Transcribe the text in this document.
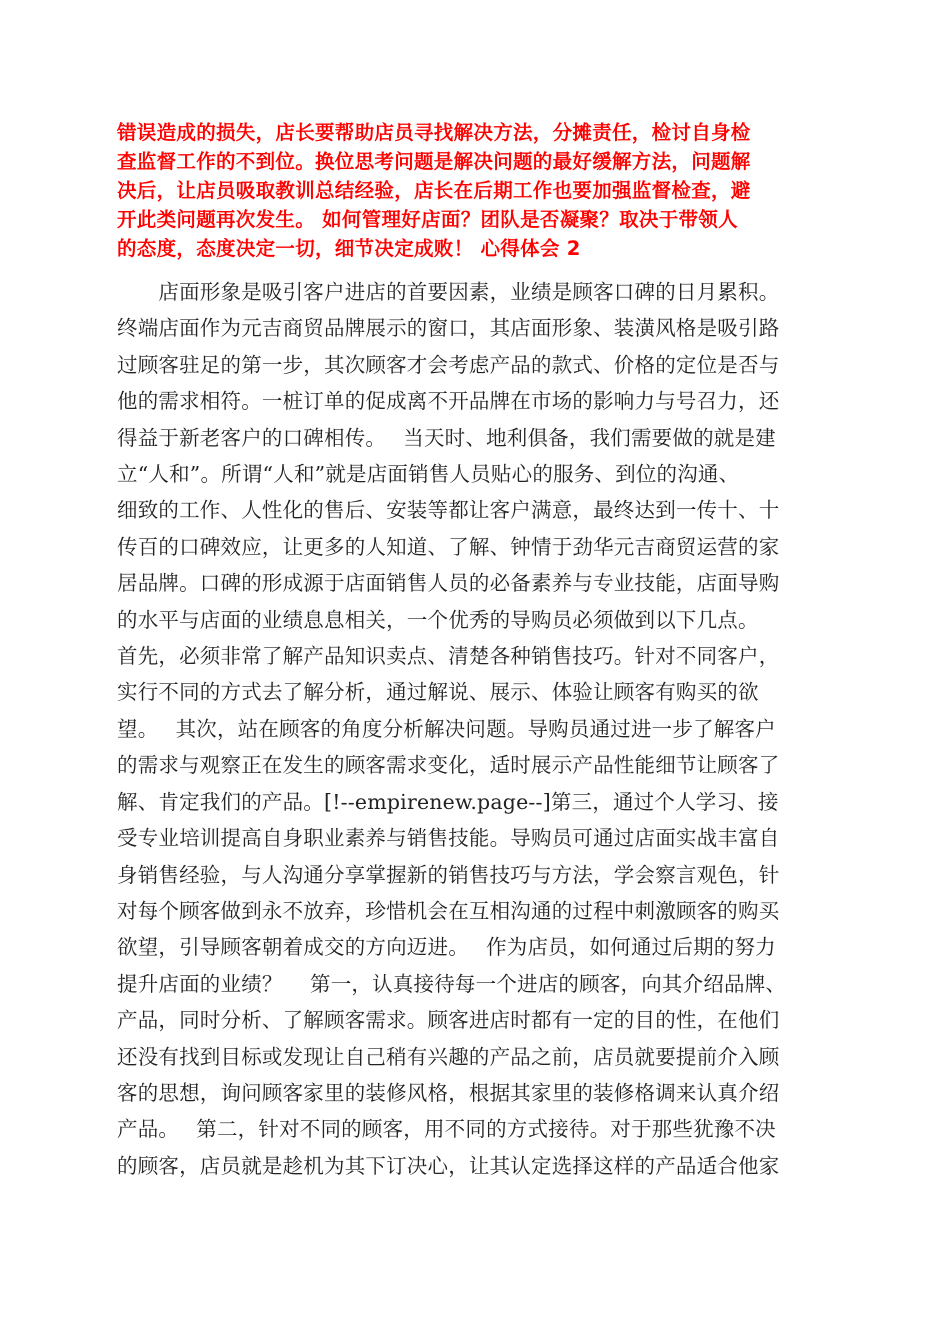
错误造成的损失，店长要帮助店员寻找解决方法，分摊责任，检讨自身检
查监督工作的不到位。换位思考问题是解决问题的最好缓解方法，问题解
决后，让店员吸取教训总结经验，店长在后期工作也要加强监督检查，避
开此类问题再次发生。 如何管理好店面？团队是否凝聚？取决于带领人
的态度，态度决定一切，细节决定成败！ 心得体会 2
　　店面形象是吸引客户进店的首要因素，业绩是顾客口碑的日月累积。
终端店面作为元吉商贸品牌展示的窗口，其店面形象、装潢风格是吸引路
过顾客驻足的第一步，其次顾客才会考虑产品的款式、价格的定位是否与
他的需求相符。一桩订单的促成离不开品牌在市场的影响力与号召力，还
得益于新老客户的口碑相传。　 当天时、地利俱备，我们需要做的就是建
立“人和”。所谓“人和”就是店面销售人员贴心的服务、到位的沟通、
细致的工作、人性化的售后、安装等都让客户满意，最终达到一传十、十
传百的口碑效应，让更多的人知道、了解、钟情于劲华元吉商贸运营的家
居品牌。口碑的形成源于店面销售人员的必备素养与专业技能，店面导购
的水平与店面的业绩息息相关，一个优秀的导购员必须做到以下几点。
首先，必须非常了解产品知识卖点、清楚各种销售技巧。针对不同客户，
实行不同的方式去了解分析，通过解说、展示、体验让顾客有购买的欲
望。　 其次，站在顾客的角度分析解决问题。导购员通过进一步了解客户
的需求与观察正在发生的顾客需求变化，适时展示产品性能细节让顾客了
解、肯定我们的产品。[!--empirenew.page--]第三，通过个人学习、接
受专业培训提高自身职业素养与销售技能。导购员可通过店面实战丰富自
身销售经验，与人沟通分享掌握新的销售技巧与方法，学会察言观色，针
对每个顾客做到永不放弃，珍惜机会在互相沟通的过程中刺激顾客的购买
欲望，引导顾客朝着成交的方向迈进。　 作为店员，如何通过后期的努力
提升店面的业绩？　 第一，认真接待每一个进店的顾客，向其介绍品牌、
产品，同时分析、了解顾客需求。顾客进店时都有一定的目的性，在他们
还没有找到目标或发现让自己稍有兴趣的产品之前，店员就要提前介入顾
客的思想，询问顾客家里的装修风格，根据其家里的装修格调来认真介绍
产品。　 第二，针对不同的顾客，用不同的方式接待。对于那些犹豫不决
的顾客，店员就是趁机为其下订决心，让其认定选择这样的产品适合他家
